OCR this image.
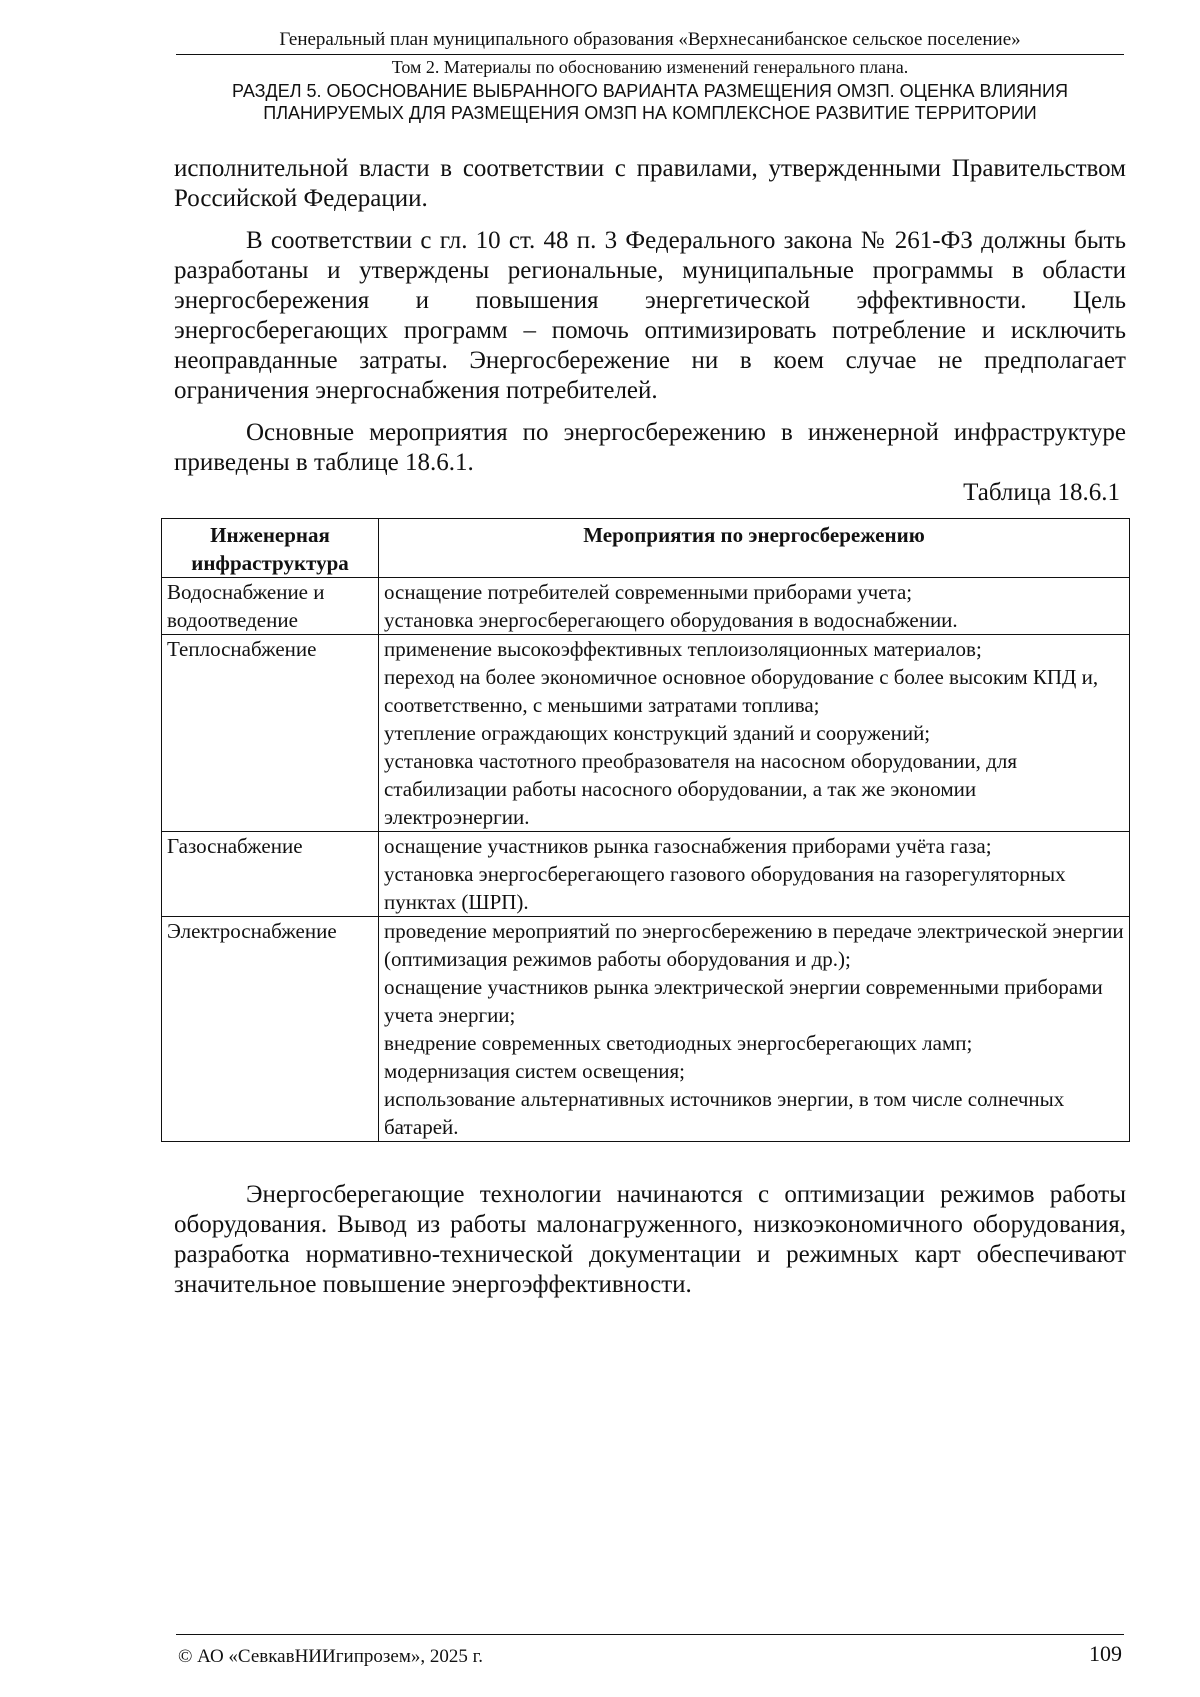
Генеральный план муниципального образования «Верхнесанибанское сельское поселение»
Том 2. Материалы по обоснованию изменений генерального плана.
РАЗДЕЛ 5. ОБОСНОВАНИЕ ВЫБРАННОГО ВАРИАНТА РАЗМЕЩЕНИЯ ОМЗП. ОЦЕНКА ВЛИЯНИЯ
ПЛАНИРУЕМЫХ ДЛЯ РАЗМЕЩЕНИЯ ОМЗП НА КОМПЛЕКСНОЕ РАЗВИТИЕ ТЕРРИТОРИИ

исполнительной власти в соответствии с правилами, утвержденными Правительством Российской Федерации.

В соответствии с гл. 10 ст. 48 п. 3 Федерального закона № 261-ФЗ должны быть разработаны и утверждены региональные, муниципальные программы в области энергосбережения и повышения энергетической эффективности. Цель энергосберегающих программ – помочь оптимизировать потребление и исключить неоправданные затраты. Энергосбережение ни в коем случае не предполагает ограничения энергоснабжения потребителей.

Основные мероприятия по энергосбережению в инженерной инфраструктуре приведены в таблице 18.6.1.

Таблица 18.6.1
Инженерная инфраструктура	Мероприятия по энергосбережению
Водоснабжение и водоотведение	оснащение потребителей современными приборами учета;
установка энергосберегающего оборудования в водоснабжении.

Теплоснабжение	применение высокоэффективных теплоизоляционных материалов;
переход на более экономичное основное оборудование с более высоким КПД и, соответственно, с меньшими затратами топлива;
утепление ограждающих конструкций зданий и сооружений;
установка частотного преобразователя на насосном оборудовании, для стабилизации работы насосного оборудовании, а так же экономии электроэнергии.

Газоснабжение	оснащение участников рынка газоснабжения приборами учёта газа;
установка энергосберегающего газового оборудования на газорегуляторных пунктах (ШРП).

Электроснабжение	проведение мероприятий по энергосбережению в передаче электрической энергии (оптимизация режимов работы оборудования и др.);
оснащение участников рынка электрической энергии современными приборами учета энергии;
внедрение современных светодиодных энергосберегающих ламп;
модернизация систем освещения;
использование альтернативных источников энергии, в том числе солнечных батарей.

Энергосберегающие технологии начинаются с оптимизации режимов работы оборудования. Вывод из работы малонагруженного, низкоэкономичного оборудования, разработка нормативно-технической документации и режимных карт обеспечивают значительное повышение энергоэффективности.

© АО «СевкавНИИгипрозем», 2025 г.	109
